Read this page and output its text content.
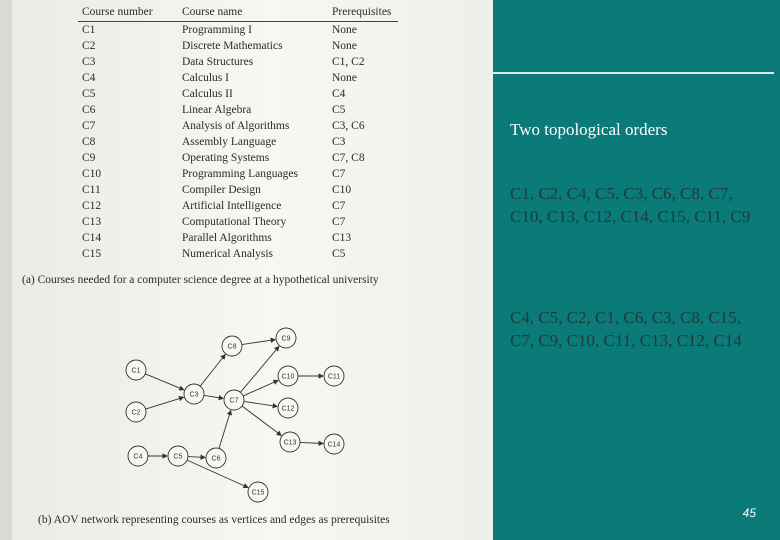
Course number	Course name	Prerequisites
C1	Programming I	None
C2	Discrete Mathematics	None
C3	Data Structures	C1, C2
C4	Calculus I	None
C5	Calculus II	C4
C6	Linear Algebra	C5
C7	Analysis of Algorithms	C3, C6
C8	Assembly Language	C3
C9	Operating Systems	C7, C8
C10	Programming Languages	C7
C11	Compiler Design	C10
C12	Artificial Intelligence	C7
C13	Computational Theory	C7
C14	Parallel Algorithms	C13
C15	Numerical Analysis	C5
(a) Courses needed for a computer science degree at a hypothetical university
C1
C2
C3
C4	C5	C6
C7
C8
C9
C10	C11
C12
C13	C14
C15
(b) AOV network representing courses as vertices and edges as prerequisites
Two topological orders
C1, C2, C4, C5, C3, C6, C8, C7, C10, C13, C12, C14, C15, C11, C9
C4, C5, C2, C1, C6, C3, C8, C15, C7, C9, C10, C11, C13, C12, C14
45
